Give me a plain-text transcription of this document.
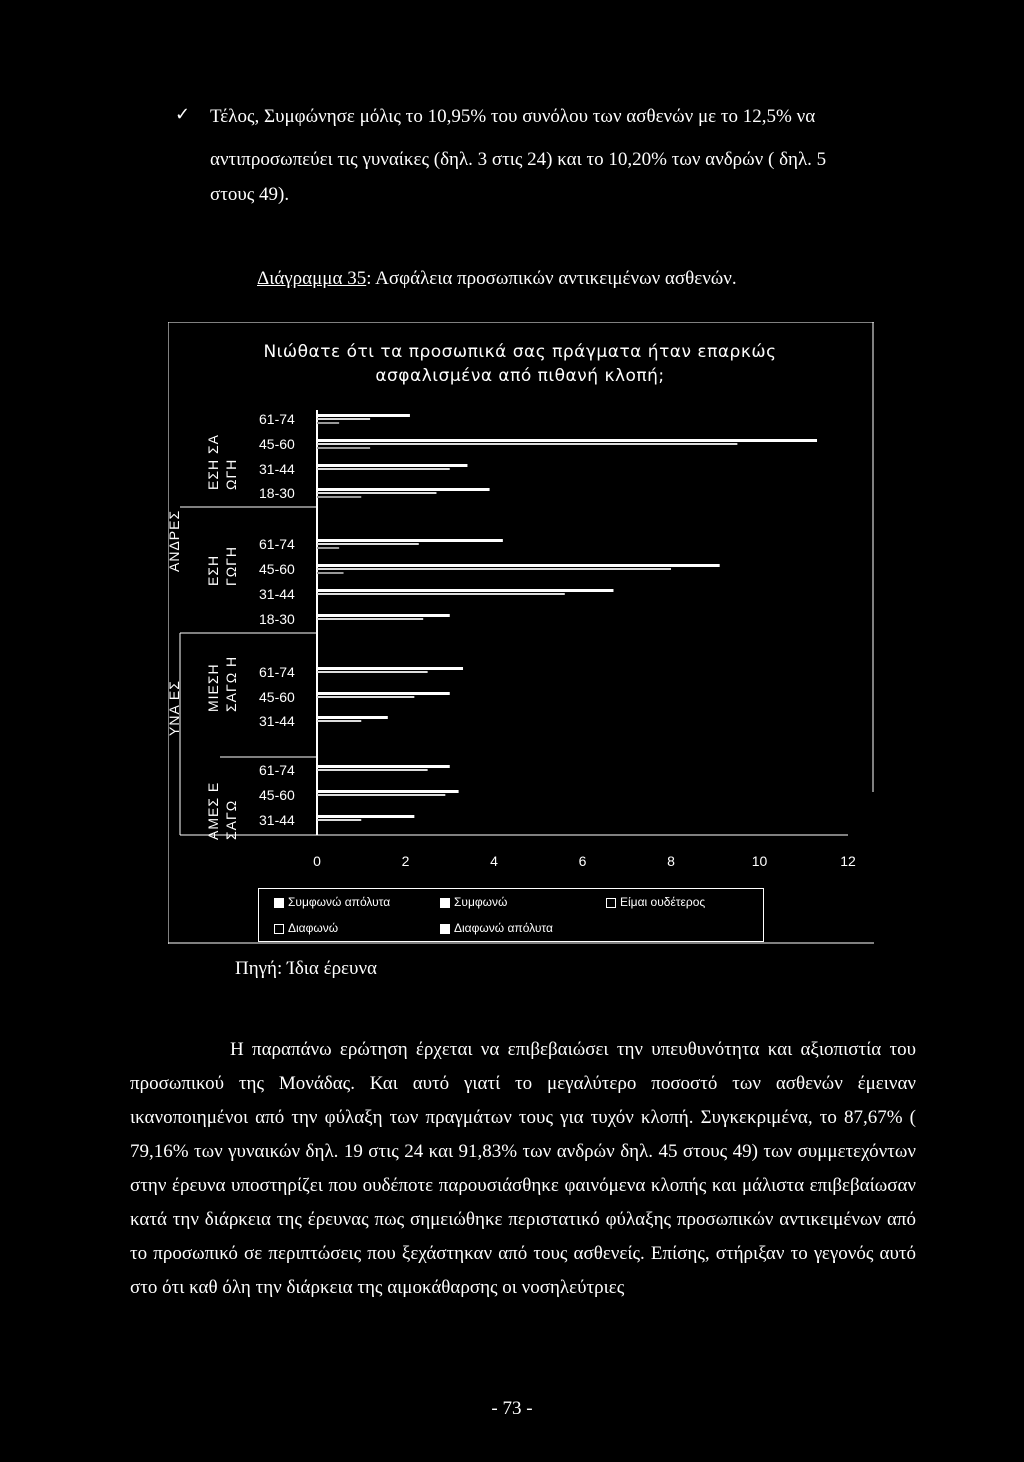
✓ Τέλος, Συμφώνησε μόλις το 10,95% του συνόλου των ασθενών με το 12,5% να
αντιπροσωπεύει τις γυναίκες (δηλ. 3 στις 24) και το 10,20% των ανδρών ( δηλ. 5
στους 49).
Διάγραμμα 35: Ασφάλεια προσωπικών αντικειμένων ασθενών.
Νιώθατε ότι τα προσωπικά σας πράγματα ήταν επαρκώς
ασφαλισμένα από πιθανή κλοπή;
ΑΝΔΡΕΣ
ΥΝΑ ΕΣ
ΕΣΗ ΣΑ ΩΓΗ
ΕΣΗ ΓΩΓΗ
ΜΙΕΣΗ ΣΑΓΩ Η
ΑΜΕΣ Ε ΣΑΓΩ
61-74
45-60
31-44
18-30
61-74
45-60
31-44
18-30
61-74
45-60
31-44
61-74
45-60
31-44
0	2	4	6	8	10	12
Συμφωνώ απόλυτα	Συμφωνώ	Είμαι ουδέτερος
Διαφωνώ	Διαφωνώ απόλυτα
Πηγή: Ίδια έρευνα
Η παραπάνω ερώτηση έρχεται να επιβεβαιώσει την υπευθυνότητα και αξιοπιστία του προσωπικού της Μονάδας. Και αυτό γιατί το μεγαλύτερο ποσοστό των ασθενών έμειναν ικανοποιημένοι από την φύλαξη των πραγμάτων τους για τυχόν κλοπή. Συγκεκριμένα, το 87,67% ( 79,16% των γυναικών δηλ. 19 στις 24 και 91,83% των ανδρών δηλ. 45 στους 49) των συμμετεχόντων στην έρευνα υποστηρίζει που ουδέποτε παρουσιάσθηκε φαινόμενα κλοπής και μάλιστα επιβεβαίωσαν κατά την διάρκεια της έρευνας πως σημειώθηκε περιστατικό φύλαξης προσωπικών αντικειμένων από το προσωπικό σε περιπτώσεις που ξεχάστηκαν από τους ασθενείς. Επίσης, στήριξαν το γεγονός αυτό στο ότι καθ όλη την διάρκεια της αιμοκάθαρσης οι νοσηλεύτριες
- 73 -
